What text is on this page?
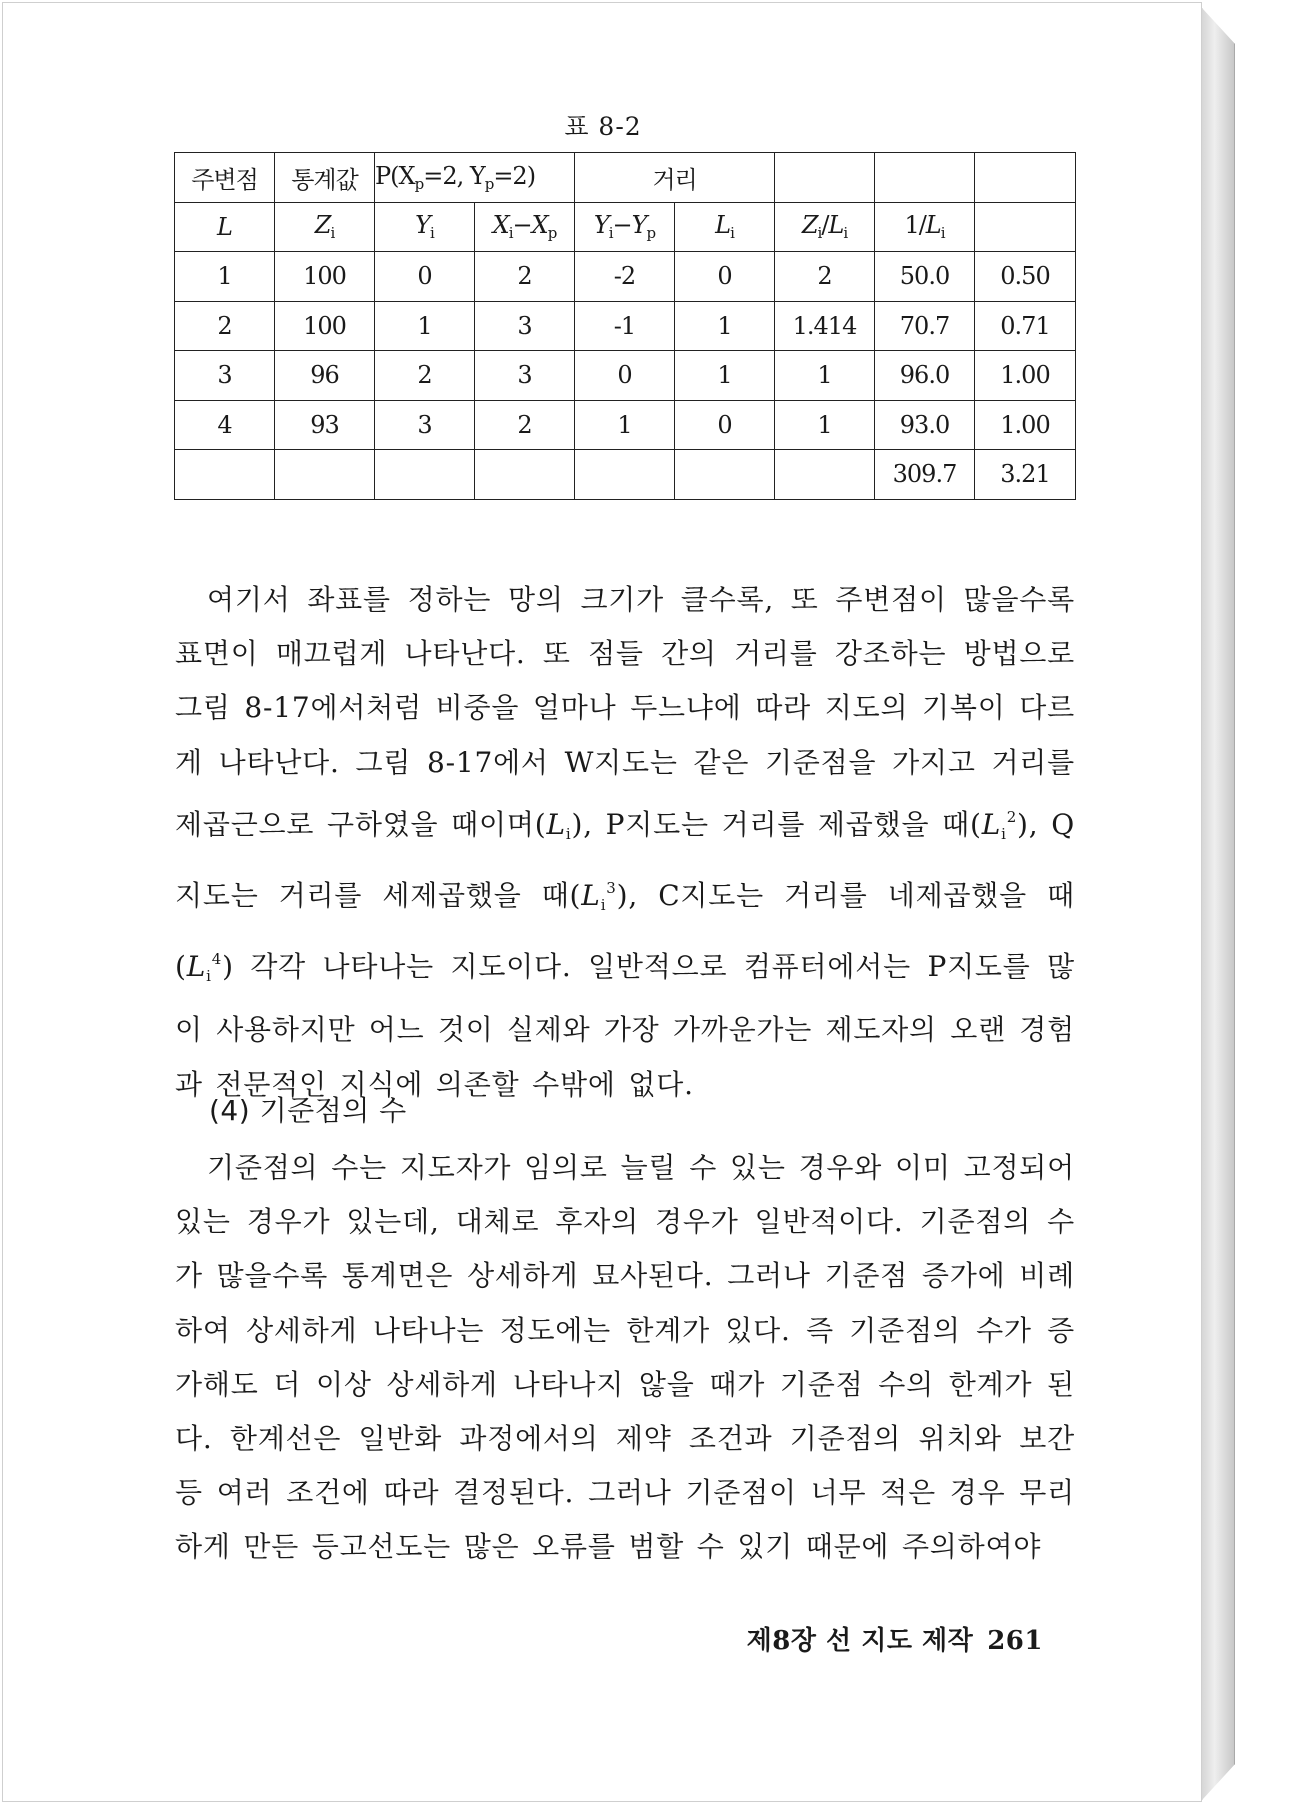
표 8-2
주변점	통계값	$P(X_p=2$, $Y_p=2$)		거리				
L	$Z_i$	$Y_i$	$X_i-X_p$	$Y_i-Y_p$	$L_i$	$Z_i/L_i$	$1/L_i$	
1	100	0	2	-2	0	2	50.0	0.50
2	100	1	3	-1	1	1.414	70.7	0.71
3	96	2	3	0	1	1	96.0	1.00
4	93	3	2	1	0	1	93.0	1.00
							309.7	3.21
여기서 좌표를 정하는 망의 크기가 클수록, 또 주변점이 많을수록 표면이 매끄럽게 나타난다. 또 점들 간의 거리를 강조하는 방법으로 그림 8-17에서처럼 비중을 얼마나 두느냐에 따라 지도의 기복이 다르게 나타난다. 그림 8-17에서 W지도는 같은 기준점을 가지고 거리를 제곱근으로 구하였을 때이며$(L_i)$, P지도는 거리를 제곱했을 때$(L_i^2)$, Q지도는 거리를 세제곱했을 때$(L_i^3)$, C지도는 거리를 네제곱했을 때 $(L_i^4)$ 각각 나타나는 지도이다. 일반적으로 컴퓨터에서는 P지도를 많이 사용하지만 어느 것이 실제와 가장 가까운가는 제도자의 오랜 경험과 전문적인 지식에 의존할 수밖에 없다.
(4) 기준점의 수
기준점의 수는 지도자가 임의로 늘릴 수 있는 경우와 이미 고정되어 있는 경우가 있는데, 대체로 후자의 경우가 일반적이다. 기준점의 수가 많을수록 통계면은 상세하게 묘사된다. 그러나 기준점 증가에 비례하여 상세하게 나타나는 정도에는 한계가 있다. 즉 기준점의 수가 증가해도 더 이상 상세하게 나타나지 않을 때가 기준점 수의 한계가 된다. 한계선은 일반화 과정에서의 제약 조건과 기준점의 위치와 보간 등 여러 조건에 따라 결정된다. 그러나 기준점이 너무 적은 경우 무리하게 만든 등고선도는 많은 오류를 범할 수 있기 때문에 주의하여야
제8장 선 지도 제작 261
